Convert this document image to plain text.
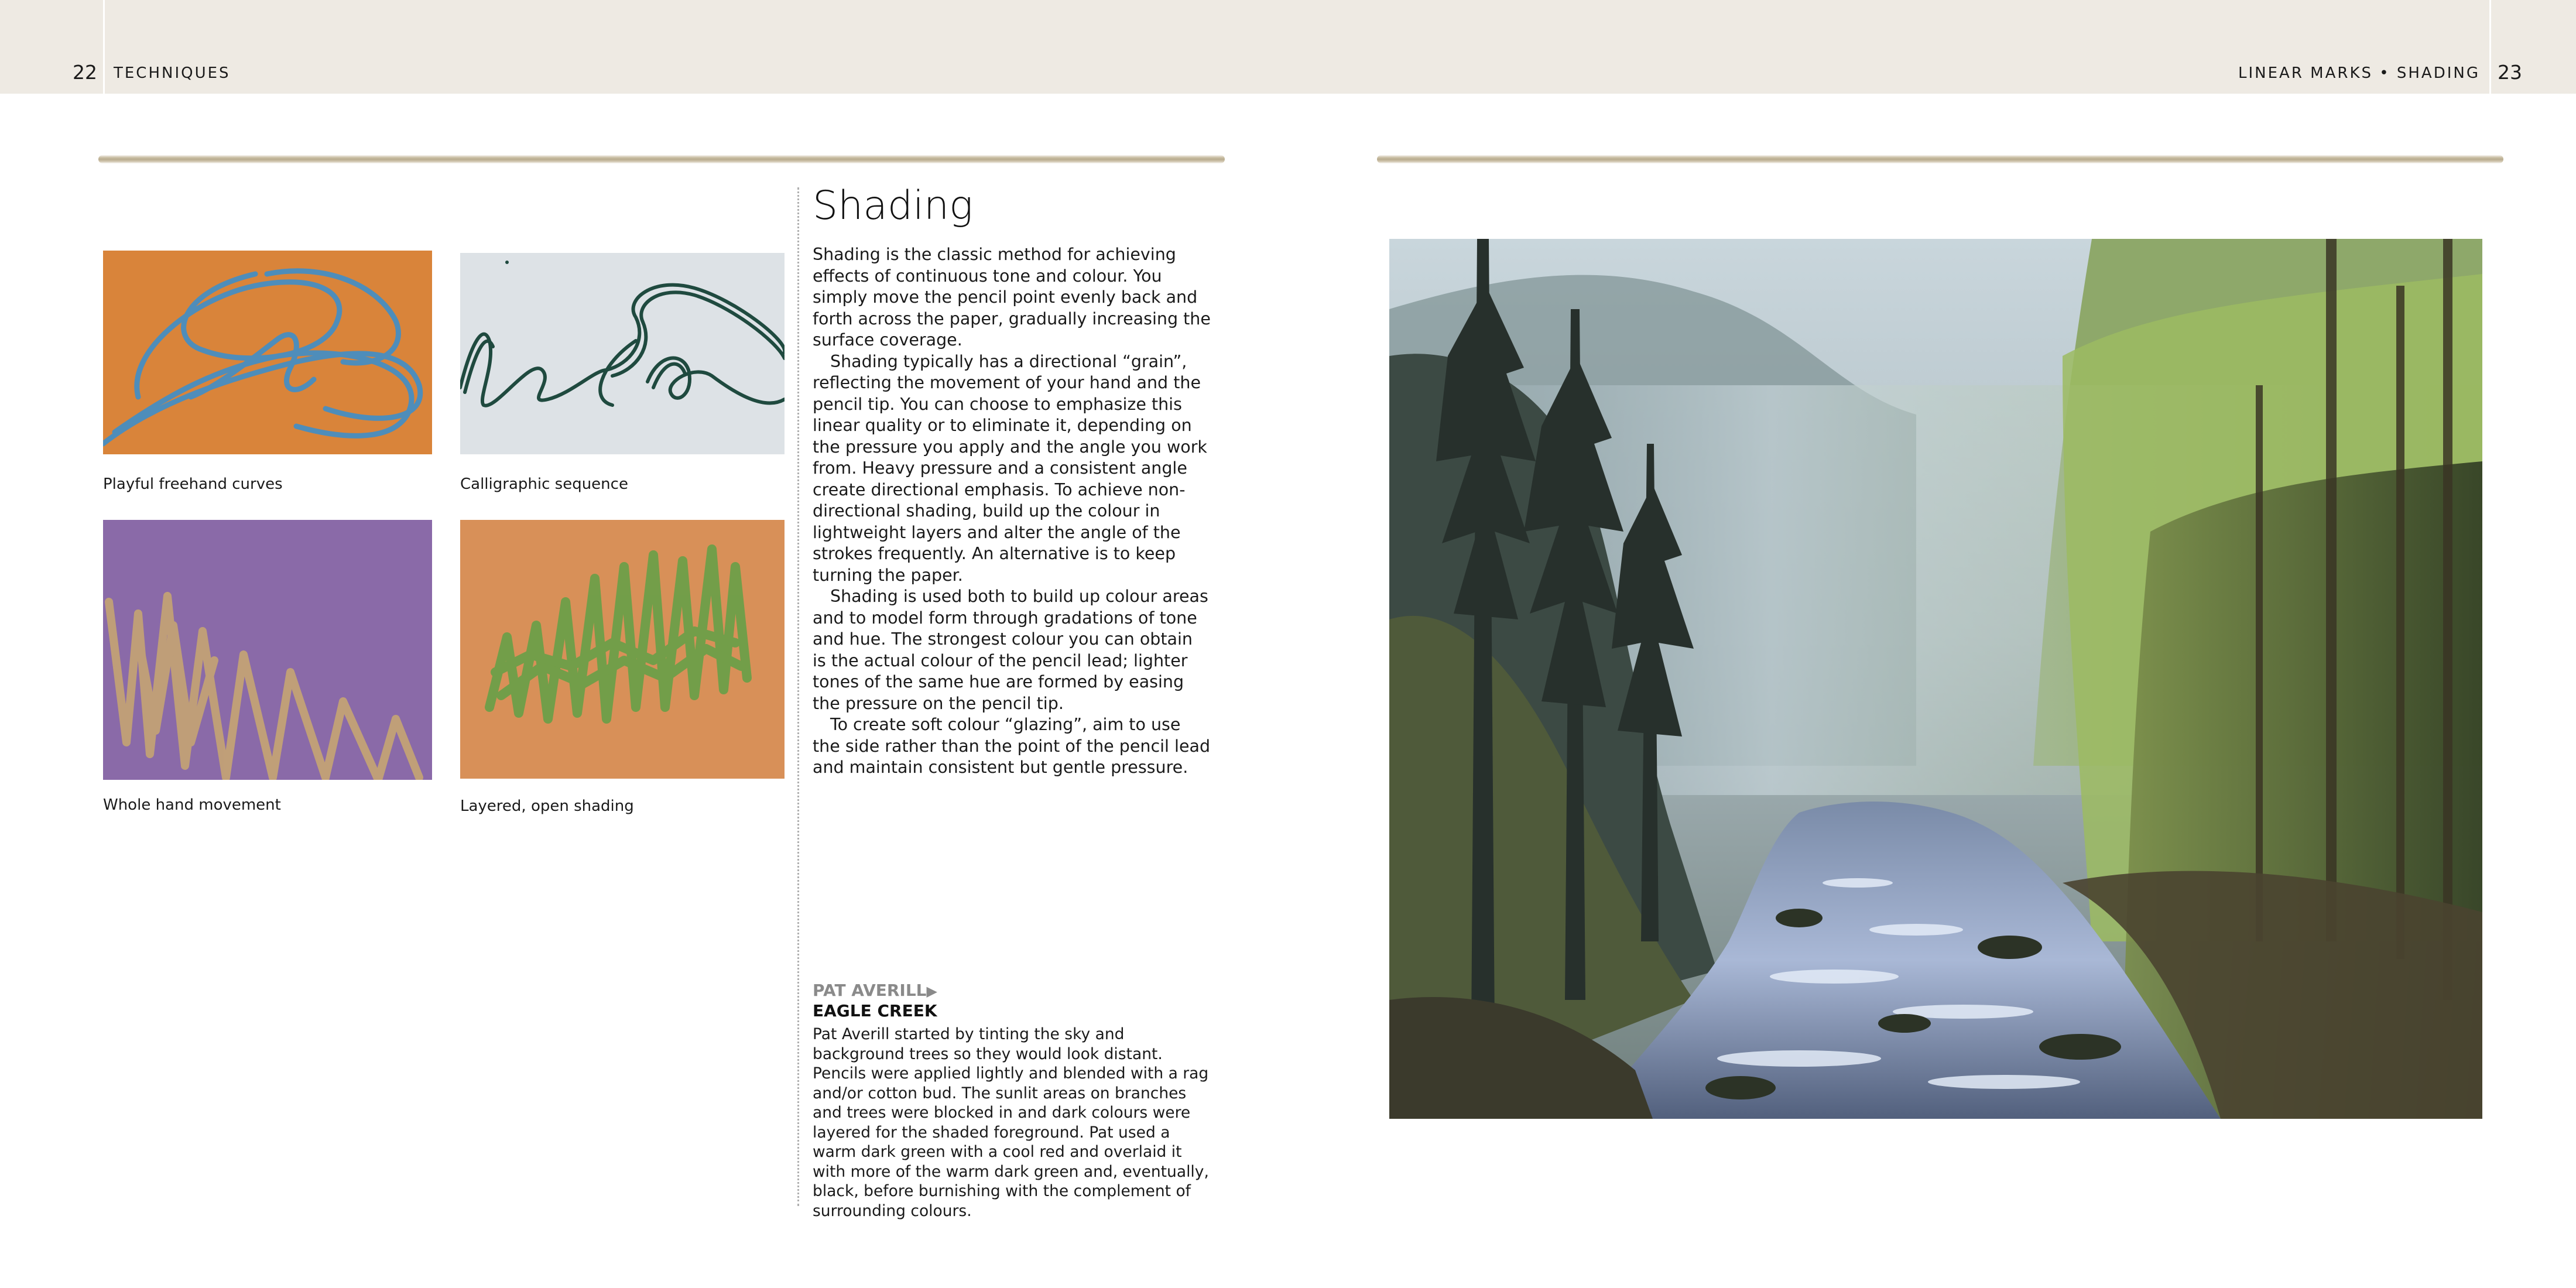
22 TECHNIQUES	LINEAR MARKS • SHADING 23
Playful freehand curves	Calligraphic sequence
Whole hand movement	Layered, open shading
Shading

Shading is the classic method for achieving effects of continuous tone and colour. You simply move the pencil point evenly back and forth across the paper, gradually increasing the surface coverage.

Shading typically has a directional “grain”, reflecting the movement of your hand and the pencil tip. You can choose to emphasize this linear quality or to eliminate it, depending on the pressure you apply and the angle you work from. Heavy pressure and a consistent angle create directional emphasis. To achieve non-directional shading, build up the colour in lightweight layers and alter the angle of the strokes frequently. An alternative is to keep turning the paper.

Shading is used both to build up colour areas and to model form through gradations of tone and hue. The strongest colour you can obtain is the actual colour of the pencil lead; lighter tones of the same hue are formed by easing the pressure on the pencil tip.

To create soft colour “glazing”, aim to use the side rather than the point of the pencil lead and maintain consistent but gentle pressure.

PAT AVERILL▶
EAGLE CREEK
Pat Averill started by tinting the sky and background trees so they would look distant. Pencils were applied lightly and blended with a rag and/or cotton bud. The sunlit areas on branches and trees were blocked in and dark colours were layered for the shaded foreground. Pat used a warm dark green with a cool red and overlaid it with more of the warm dark green and, eventually, black, before burnishing with the complement of surrounding colours.
